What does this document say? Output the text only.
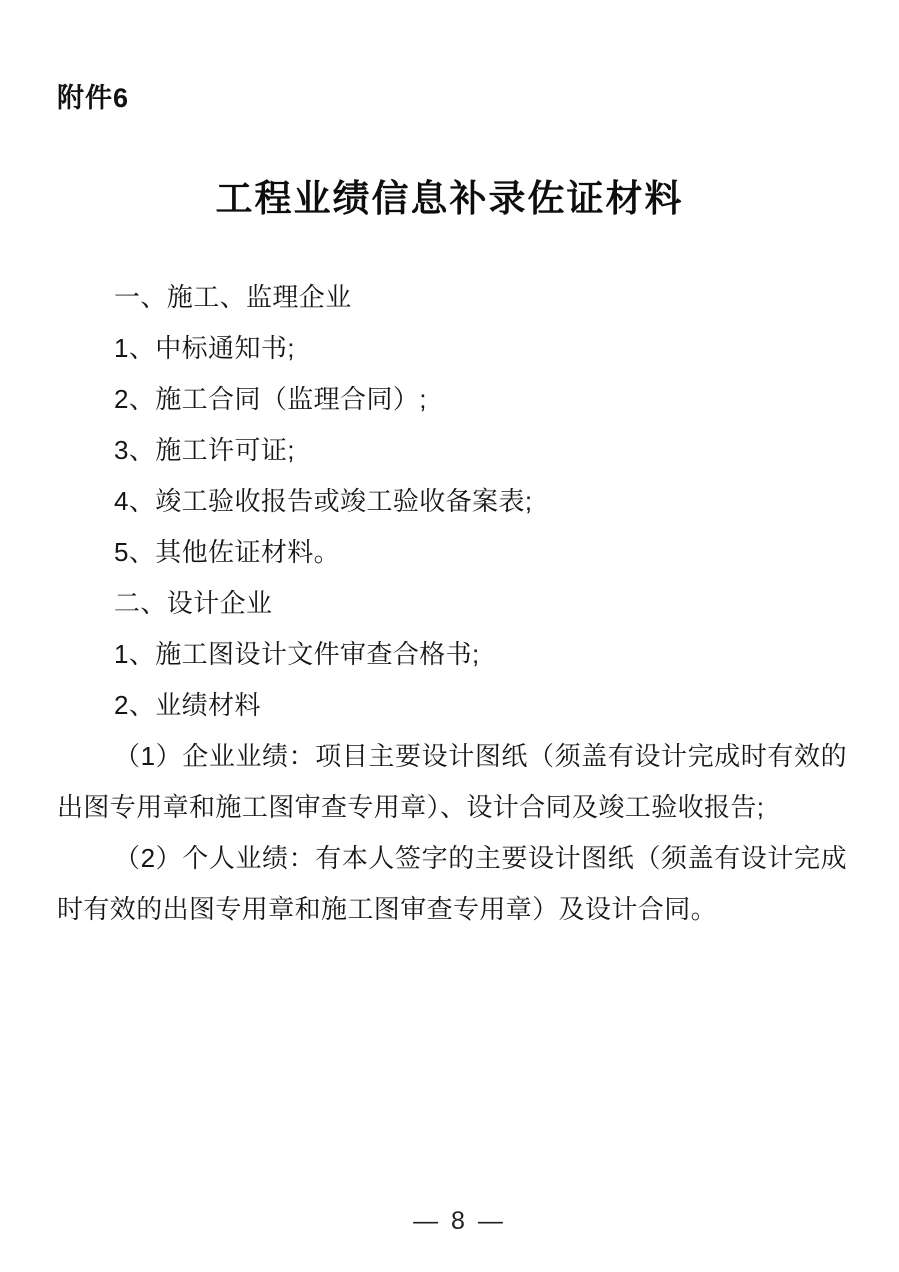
附件6
工程业绩信息补录佐证材料
一、施工、监理企业
1、中标通知书;
2、施工合同（监理合同）;
3、施工许可证;
4、竣工验收报告或竣工验收备案表;
5、其他佐证材料。
二、设计企业
1、施工图设计文件审查合格书;
2、业绩材料
（1）企业业绩：项目主要设计图纸（须盖有设计完成时有效的出图专用章和施工图审查专用章）、设计合同及竣工验收报告;
（2）个人业绩：有本人签字的主要设计图纸（须盖有设计完成时有效的出图专用章和施工图审查专用章）及设计合同。
— 8 —
